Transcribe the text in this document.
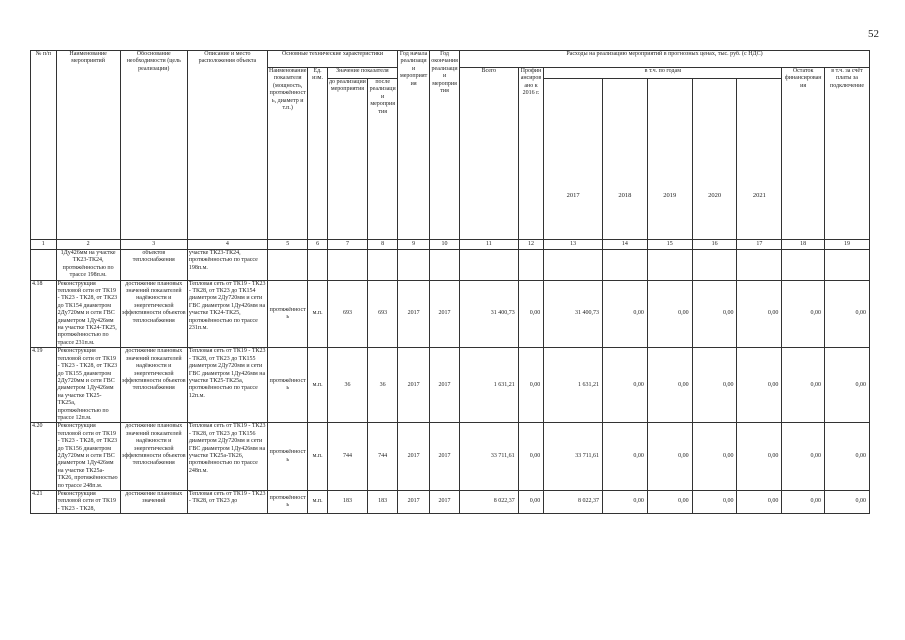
52
№ п/п	Наименование мероприятий	Обоснование необходимости (цель реализации)	Описание и место расположения объекта	Основные технические характеристики				Год начала реализации мероприятия	Год окончания реализации мероприятия	Расходы на реализацию мероприятий в прогнозных ценах, тыс. руб. (с НДС)								
				Наименование показателя (мощность, протяжённость, диаметр и т.п.)	Ед. изм.	Значение показателя				Всего	Профинансировано к 2016 г.	в т.ч. по годам					Остаток финансирования	в т.ч. за счёт платы за подключение
						до реализации мероприятия	после реализации мероприятия					2017	2018	2019	2020	2021		
1	2	3	4	5	6	7	8	9	10	11	12	13	14	15	16	17	18	19
	1Ду426мм на участке ТК23-ТК24, протяжённостью по трассе 198п.м.	объектов теплоснабжения	участке ТК23-ТК24, протяжённостью по трассе 198п.м.															
4.18	Реконструкция тепловой сети от ТК19 - ТК23 - ТК28, от ТК23 до ТК154 диаметром 2Ду720мм и сети ГВС диаметром 1Ду426мм на участке ТК24-ТК25, протяжённостью по трассе 231п.м.	достижение плановых значений показателей надёжности и энергетической эффективности объектов теплоснабжения	Тепловая сеть от ТК19 - ТК23 - ТК28, от ТК23 до ТК154 диаметром 2Ду720мм и сети ГВС диаметром 1Ду426мм на участке ТК24-ТК25, протяжённостью по трассе 231п.м.	протяжённость	м.п.	693	693	2017	2017	31 400,73	0,00	31 400,73	0,00	0,00	0,00	0,00	0,00	0,00
4.19	Реконструкция тепловой сети от ТК19 - ТК23 - ТК28, от ТК23 до ТК155 диаметром 2Ду720мм и сети ГВС диаметром 1Ду426мм на участке ТК25-ТК25а, протяжённостью по трассе 12п.м.	достижение плановых значений показателей надёжности и энергетической эффективности объектов теплоснабжения	Тепловая сеть от ТК19 - ТК23 - ТК28, от ТК23 до ТК155 диаметром 2Ду720мм и сети ГВС диаметром 1Ду426мм на участке ТК25-ТК25а, протяжённостью по трассе 12п.м.	протяжённость	м.п.	36	36	2017	2017	1 631,21	0,00	1 631,21	0,00	0,00	0,00	0,00	0,00	0,00
4.20	Реконструкция тепловой сети от ТК19 - ТК23 - ТК28, от ТК23 до ТК156 диаметром 2Ду720мм и сети ГВС диаметром 1Ду426мм на участке ТК25а-ТК26, протяжённостью по трассе 248п.м.	достижение плановых значений показателей надёжности и энергетической эффективности объектов теплоснабжения	Тепловая сеть от ТК19 - ТК23 - ТК28, от ТК23 до ТК156 диаметром 2Ду720мм и сети ГВС диаметром 1Ду426мм на участке ТК25а-ТК26, протяжённостью по трассе 248п.м.	протяжённость	м.п.	744	744	2017	2017	33 711,61	0,00	33 711,61	0,00	0,00	0,00	0,00	0,00	0,00
4.21	Реконструкция тепловой сети от ТК19 - ТК23 - ТК28,	достижение плановых значений	Тепловая сеть от ТК19 - ТК23 - ТК28, от ТК23 до	протяжённость	м.п.	183	183	2017	2017	8 022,37	0,00	8 022,37	0,00	0,00	0,00	0,00	0,00	0,00
